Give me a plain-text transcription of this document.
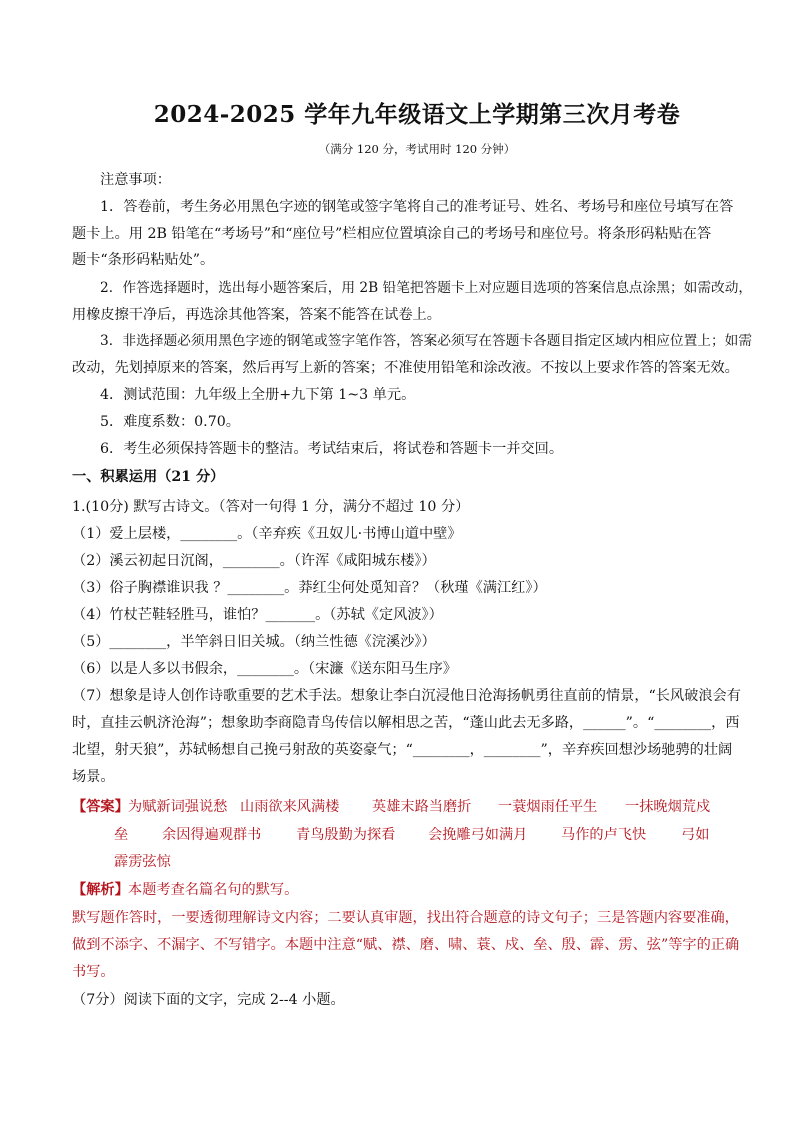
2024-2025 学年九年级语文上学期第三次月考卷
（满分 120 分，考试用时 120 分钟）
注意事项：
1．答卷前，考生务必用黑色字迹的钢笔或签字笔将自己的准考证号、姓名、考场号和座位号填写在答
题卡上。用 2B 铅笔在“考场号”和“座位号”栏相应位置填涂自己的考场号和座位号。将条形码粘贴在答
题卡“条形码粘贴处”。
2．作答选择题时，选出每小题答案后，用 2B 铅笔把答题卡上对应题目选项的答案信息点涂黑；如需改动，
用橡皮擦干净后，再选涂其他答案，答案不能答在试卷上。
3．非选择题必须用黑色字迹的钢笔或签字笔作答，答案必须写在答题卡各题目指定区域内相应位置上；如需
改动，先划掉原来的答案，然后再写上新的答案；不准使用铅笔和涂改液。不按以上要求作答的答案无效。
4．测试范围：九年级上全册+九下第 1~3 单元。
5．难度系数：0.70。
6．考生必须保持答题卡的整洁。考试结束后，将试卷和答题卡一并交回。
一、积累运用（21 分）
1.(10分) 默写古诗文。（答对一句得 1 分，满分不超过 10 分）
（1）爱上层楼，________。（辛弃疾《丑奴儿·书博山道中壁》
（2）溪云初起日沉阁，________。（许浑《咸阳城东楼》）
（3）俗子胸襟谁识我 ？________。莽红尘何处觅知音？（秋瑾《满江红》）
（4）竹杖芒鞋轻胜马，谁怕？_______。（苏轼《定风波》）
（5）________，半竿斜日旧关城。（纳兰性德《浣溪沙》）
（6）以是人多以书假余，________。（宋濂《送东阳马生序》
（7）想象是诗人创作诗歌重要的艺术手法。想象让李白沉浸他日沧海扬帆勇往直前的情景，“长风破浪会有
时，直挂云帆济沧海”；想象助李商隐青鸟传信以解相思之苦，“蓬山此去无多路，______”。“________，西
北望，射天狼”，苏轼畅想自己挽弓射敌的英姿豪气；“________，________”，辛弃疾回想沙场驰骋的壮阔
场景。
【答案】 为赋新词强说愁 山雨欲来风满楼 英雄末路当磨折 一蓑烟雨任平生 一抹晚烟荒戍
垒 余因得遍观群书 青鸟殷勤为探看 会挽雕弓如满月 马作的卢飞快 弓如
霹雳弦惊
【解析】 本题考查名篇名句的默写。
默写题作答时，一要透彻理解诗文内容；二要认真审题，找出符合题意的诗文句子；三是答题内容要准确，
做到不添字、不漏字、不写错字。本题中注意“赋、襟、磨、啸、蓑、戍、垒、殷、霹、雳、弦”等字的正确
书写。
（7分）阅读下面的文字，完成 2--4 小题。
